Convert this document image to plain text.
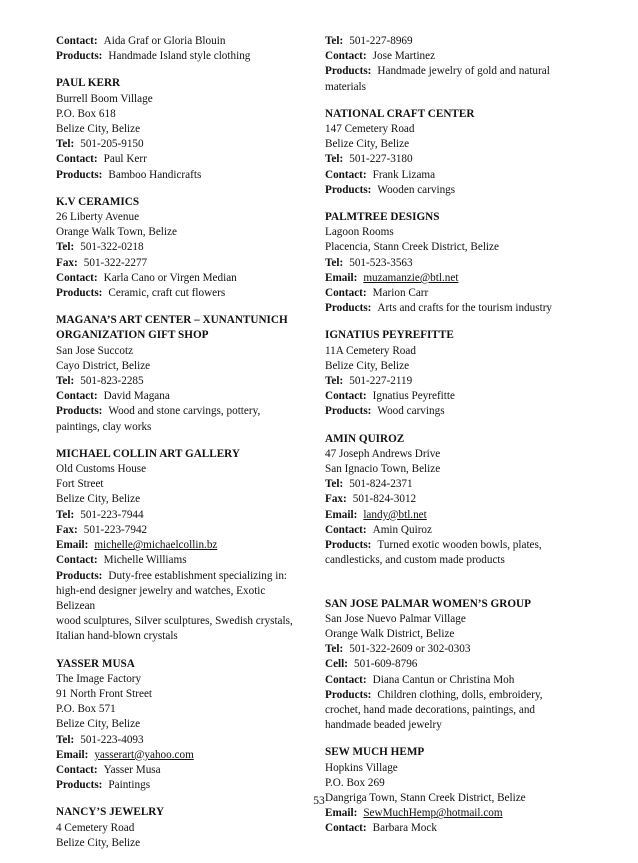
Contact: Aida Graf or Gloria Blouin
Products: Handmade Island style clothing
PAUL KERR
Burrell Boom Village
P.O. Box 618
Belize City, Belize
Tel: 501-205-9150
Contact: Paul Kerr
Products: Bamboo Handicrafts
K.V CERAMICS
26 Liberty Avenue
Orange Walk Town, Belize
Tel: 501-322-0218
Fax: 501-322-2277
Contact: Karla Cano or Virgen Median
Products: Ceramic, craft cut flowers
MAGANA’S ART CENTER – XUNANTUNICH
ORGANIZATION GIFT SHOP
San Jose Succotz
Cayo District, Belize
Tel: 501-823-2285
Contact: David Magana
Products: Wood and stone carvings, pottery,
paintings, clay works
MICHAEL COLLIN ART GALLERY
Old Customs House
Fort Street
Belize City, Belize
Tel: 501-223-7944
Fax: 501-223-7942
Email: michelle@michaelcollin.bz
Contact: Michelle Williams
Products: Duty-free establishment specializing in:
high-end designer jewelry and watches, Exotic Belizean
wood sculptures, Silver sculptures, Swedish crystals,
Italian hand-blown crystals
YASSER MUSA
The Image Factory
91 North Front Street
P.O. Box 571
Belize City, Belize
Tel: 501-223-4093
Email: yasserart@yahoo.com
Contact: Yasser Musa
Products: Paintings
NANCY’S JEWELRY
4 Cemetery Road
Belize City, Belize
Tel: 501-227-8969
Contact: Jose Martinez
Products: Handmade jewelry of gold and natural
materials
NATIONAL CRAFT CENTER
147 Cemetery Road
Belize City, Belize
Tel: 501-227-3180
Contact: Frank Lizama
Products: Wooden carvings
PALMTREE DESIGNS
Lagoon Rooms
Placencia, Stann Creek District, Belize
Tel: 501-523-3563
Email: muzamanzie@btl.net
Contact: Marion Carr
Products: Arts and crafts for the tourism industry
IGNATIUS PEYREFITTE
11A Cemetery Road
Belize City, Belize
Tel: 501-227-2119
Contact: Ignatius Peyrefitte
Products: Wood carvings
AMIN QUIROZ
47 Joseph Andrews Drive
San Ignacio Town, Belize
Tel: 501-824-2371
Fax: 501-824-3012
Email: landy@btl.net
Contact: Amin Quiroz
Products: Turned exotic wooden bowls, plates,
candlesticks, and custom made products
SAN JOSE PALMAR WOMEN’S GROUP
San Jose Nuevo Palmar Village
Orange Walk District, Belize
Tel: 501-322-2609 or 302-0303
Cell: 501-609-8796
Contact: Diana Cantun or Christina Moh
Products: Children clothing, dolls, embroidery,
crochet, hand made decorations, paintings, and
handmade beaded jewelry
SEW MUCH HEMP
Hopkins Village
P.O. Box 269
Dangriga Town, Stann Creek District, Belize
Email: SewMuchHemp@hotmail.com
Contact: Barbara Mock
53
